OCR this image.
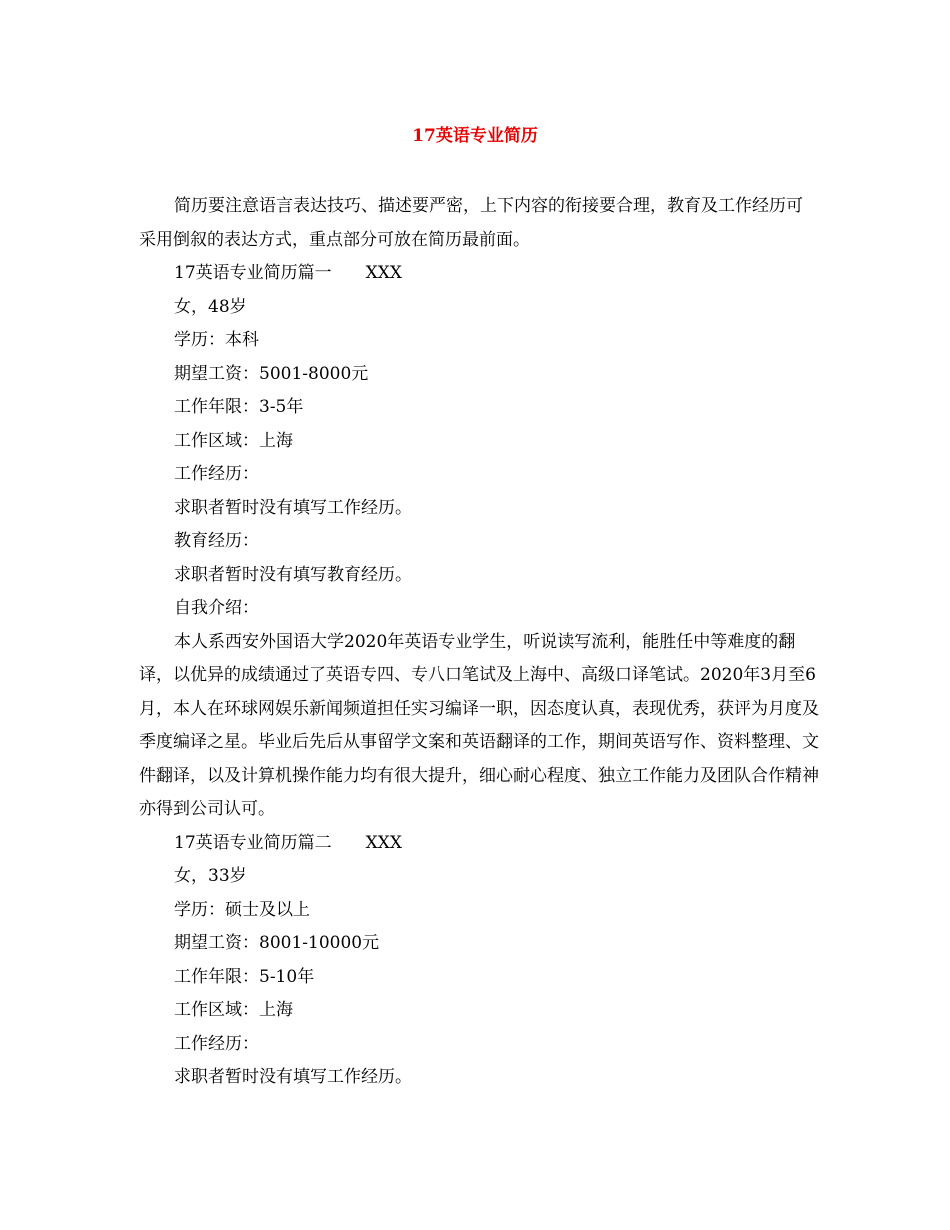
17英语专业简历

简历要注意语言表达技巧、描述要严密，上下内容的衔接要合理，教育及工作经历可采用倒叙的表达方式，重点部分可放在简历最前面。

17英语专业简历篇一 XXX

女，48岁

学历：本科

期望工资：5001-8000元

工作年限：3-5年

工作区域：上海

工作经历：

求职者暂时没有填写工作经历。

教育经历：

求职者暂时没有填写教育经历。

自我介绍：

本人系西安外国语大学2020年英语专业学生，听说读写流利，能胜任中等难度的翻译，以优异的成绩通过了英语专四、专八口笔试及上海中、高级口译笔试。2020年3月至6月，本人在环球网娱乐新闻频道担任实习编译一职，因态度认真，表现优秀，获评为月度及季度编译之星。毕业后先后从事留学文案和英语翻译的工作，期间英语写作、资料整理、文件翻译，以及计算机操作能力均有很大提升，细心耐心程度、独立工作能力及团队合作精神亦得到公司认可。

17英语专业简历篇二 XXX

女，33岁

学历：硕士及以上

期望工资：8001-10000元

工作年限：5-10年

工作区域：上海

工作经历：

求职者暂时没有填写工作经历。
